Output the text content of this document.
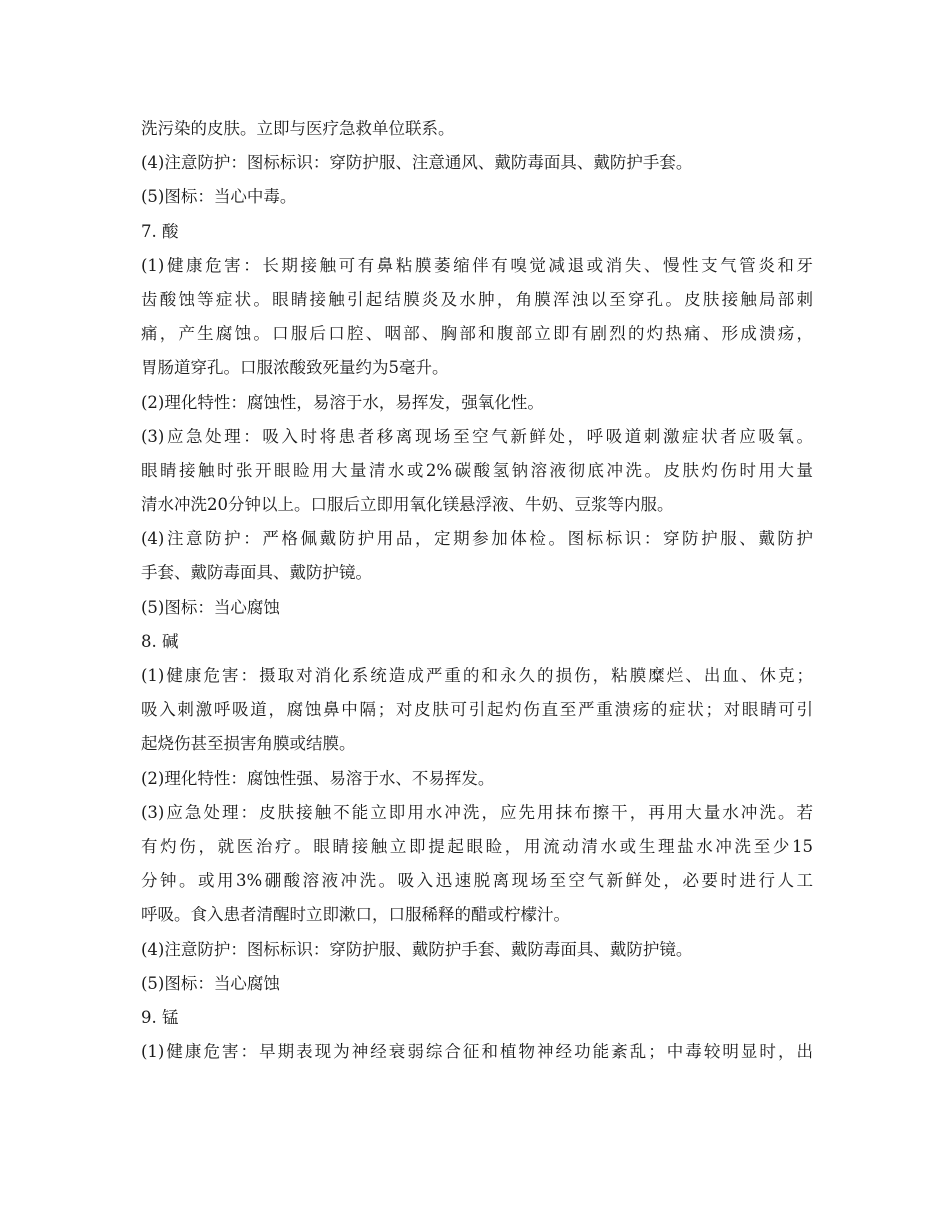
洗污染的皮肤。立即与医疗急救单位联系。
(4)注意防护：图标标识：穿防护服、注意通风、戴防毒面具、戴防护手套。
(5)图标：当心中毒。
7. 酸
(1)健康危害：长期接触可有鼻粘膜萎缩伴有嗅觉减退或消失、慢性支气管炎和牙
齿酸蚀等症状。眼睛接触引起结膜炎及水肿，角膜浑浊以至穿孔。皮肤接触局部刺
痛，产生腐蚀。口服后口腔、咽部、胸部和腹部立即有剧烈的灼热痛、形成溃疡，
胃肠道穿孔。口服浓酸致死量约为5毫升。
(2)理化特性：腐蚀性，易溶于水，易挥发，强氧化性。
(3)应急处理：吸入时将患者移离现场至空气新鲜处，呼吸道刺激症状者应吸氧。
眼睛接触时张开眼睑用大量清水或2%碳酸氢钠溶液彻底冲洗。皮肤灼伤时用大量
清水冲洗20分钟以上。口服后立即用氧化镁悬浮液、牛奶、豆浆等内服。
(4)注意防护：严格佩戴防护用品，定期参加体检。图标标识：穿防护服、戴防护
手套、戴防毒面具、戴防护镜。
(5)图标：当心腐蚀
8. 碱
(1)健康危害：摄取对消化系统造成严重的和永久的损伤，粘膜糜烂、出血、休克；
吸入刺激呼吸道，腐蚀鼻中隔；对皮肤可引起灼伤直至严重溃疡的症状；对眼睛可引
起烧伤甚至损害角膜或结膜。
(2)理化特性：腐蚀性强、易溶于水、不易挥发。
(3)应急处理：皮肤接触不能立即用水冲洗，应先用抹布擦干，再用大量水冲洗。若
有灼伤，就医治疗。眼睛接触立即提起眼睑，用流动清水或生理盐水冲洗至少15
分钟。或用3%硼酸溶液冲洗。吸入迅速脱离现场至空气新鲜处，必要时进行人工
呼吸。食入患者清醒时立即漱口，口服稀释的醋或柠檬汁。
(4)注意防护：图标标识：穿防护服、戴防护手套、戴防毒面具、戴防护镜。
(5)图标：当心腐蚀
9. 锰
(1)健康危害：早期表现为神经衰弱综合征和植物神经功能紊乱；中毒较明显时，出
